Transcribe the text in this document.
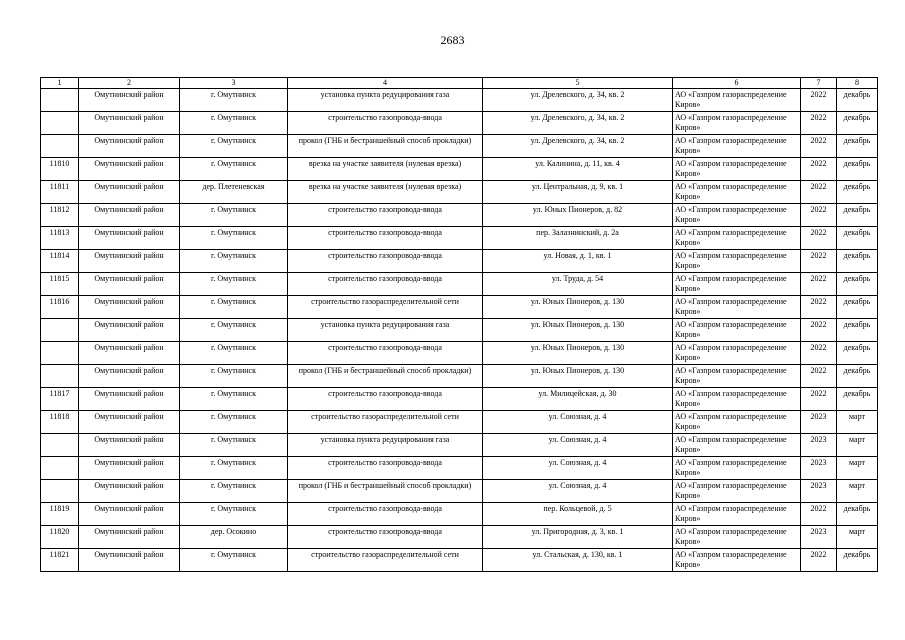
2683
1	2	3	4	5	6	7	8
	Омутнинский район	г. Омутнинск	установка пункта редуцирования газа	ул. Дрелевского, д. 34, кв. 2	АО «Газпром газораспределение Киров»	2022	декабрь
	Омутнинский район	г. Омутнинск	строительство газопровода-ввода	ул. Дрелевского, д. 34, кв. 2	АО «Газпром газораспределение Киров»	2022	декабрь
	Омутнинский район	г. Омутнинск	прокол (ГНБ и бестраншейный способ прокладки)	ул. Дрелевского, д. 34, кв. 2	АО «Газпром газораспределение Киров»	2022	декабрь
11810	Омутнинский район	г. Омутнинск	врезка на участке заявителя (нулевая врезка)	ул. Калинина, д. 11, кв. 4	АО «Газпром газораспределение Киров»	2022	декабрь
11811	Омутнинский район	дер. Плетеневская	врезка на участке заявителя (нулевая врезка)	ул. Центральная, д. 9, кв. 1	АО «Газпром газораспределение Киров»	2022	декабрь
11812	Омутнинский район	г. Омутнинск	строительство газопровода-ввода	ул. Юных Пионеров, д. 82	АО «Газпром газораспределение Киров»	2022	декабрь
11813	Омутнинский район	г. Омутнинск	строительство газопровода-ввода	пер. Залазнинский, д. 2а	АО «Газпром газораспределение Киров»	2022	декабрь
11814	Омутнинский район	г. Омутнинск	строительство газопровода-ввода	ул. Новая, д. 1, кв. 1	АО «Газпром газораспределение Киров»	2022	декабрь
11815	Омутнинский район	г. Омутнинск	строительство газопровода-ввода	ул. Труда, д. 54	АО «Газпром газораспределение Киров»	2022	декабрь
11816	Омутнинский район	г. Омутнинск	строительство газораспределительной сети	ул. Юных Пионеров, д. 130	АО «Газпром газораспределение Киров»	2022	декабрь
	Омутнинский район	г. Омутнинск	установка пункта редуцирования газа	ул. Юных Пионеров, д. 130	АО «Газпром газораспределение Киров»	2022	декабрь
	Омутнинский район	г. Омутнинск	строительство газопровода-ввода	ул. Юных Пионеров, д. 130	АО «Газпром газораспределение Киров»	2022	декабрь
	Омутнинский район	г. Омутнинск	прокол (ГНБ и бестраншейный способ прокладки)	ул. Юных Пионеров, д. 130	АО «Газпром газораспределение Киров»	2022	декабрь
11817	Омутнинский район	г. Омутнинск	строительство газопровода-ввода	ул. Милицейская, д. 30	АО «Газпром газораспределение Киров»	2022	декабрь
11818	Омутнинский район	г. Омутнинск	строительство газораспределительной сети	ул. Союзная, д. 4	АО «Газпром газораспределение Киров»	2023	март
	Омутнинский район	г. Омутнинск	установка пункта редуцирования газа	ул. Союзная, д. 4	АО «Газпром газораспределение Киров»	2023	март
	Омутнинский район	г. Омутнинск	строительство газопровода-ввода	ул. Союзная, д. 4	АО «Газпром газораспределение Киров»	2023	март
	Омутнинский район	г. Омутнинск	прокол (ГНБ и бестраншейный способ прокладки)	ул. Союзная, д. 4	АО «Газпром газораспределение Киров»	2023	март
11819	Омутнинский район	г. Омутнинск	строительство газопровода-ввода	пер. Кольцевой, д. 5	АО «Газпром газораспределение Киров»	2022	декабрь
11820	Омутнинский район	дер. Осокино	строительство газопровода-ввода	ул. Пригородная, д. 3, кв. 1	АО «Газпром газораспределение Киров»	2023	март
11821	Омутнинский район	г. Омутнинск	строительство газораспределительной сети	ул. Стальская, д. 130, кв. 1	АО «Газпром газораспределение Киров»	2022	декабрь
